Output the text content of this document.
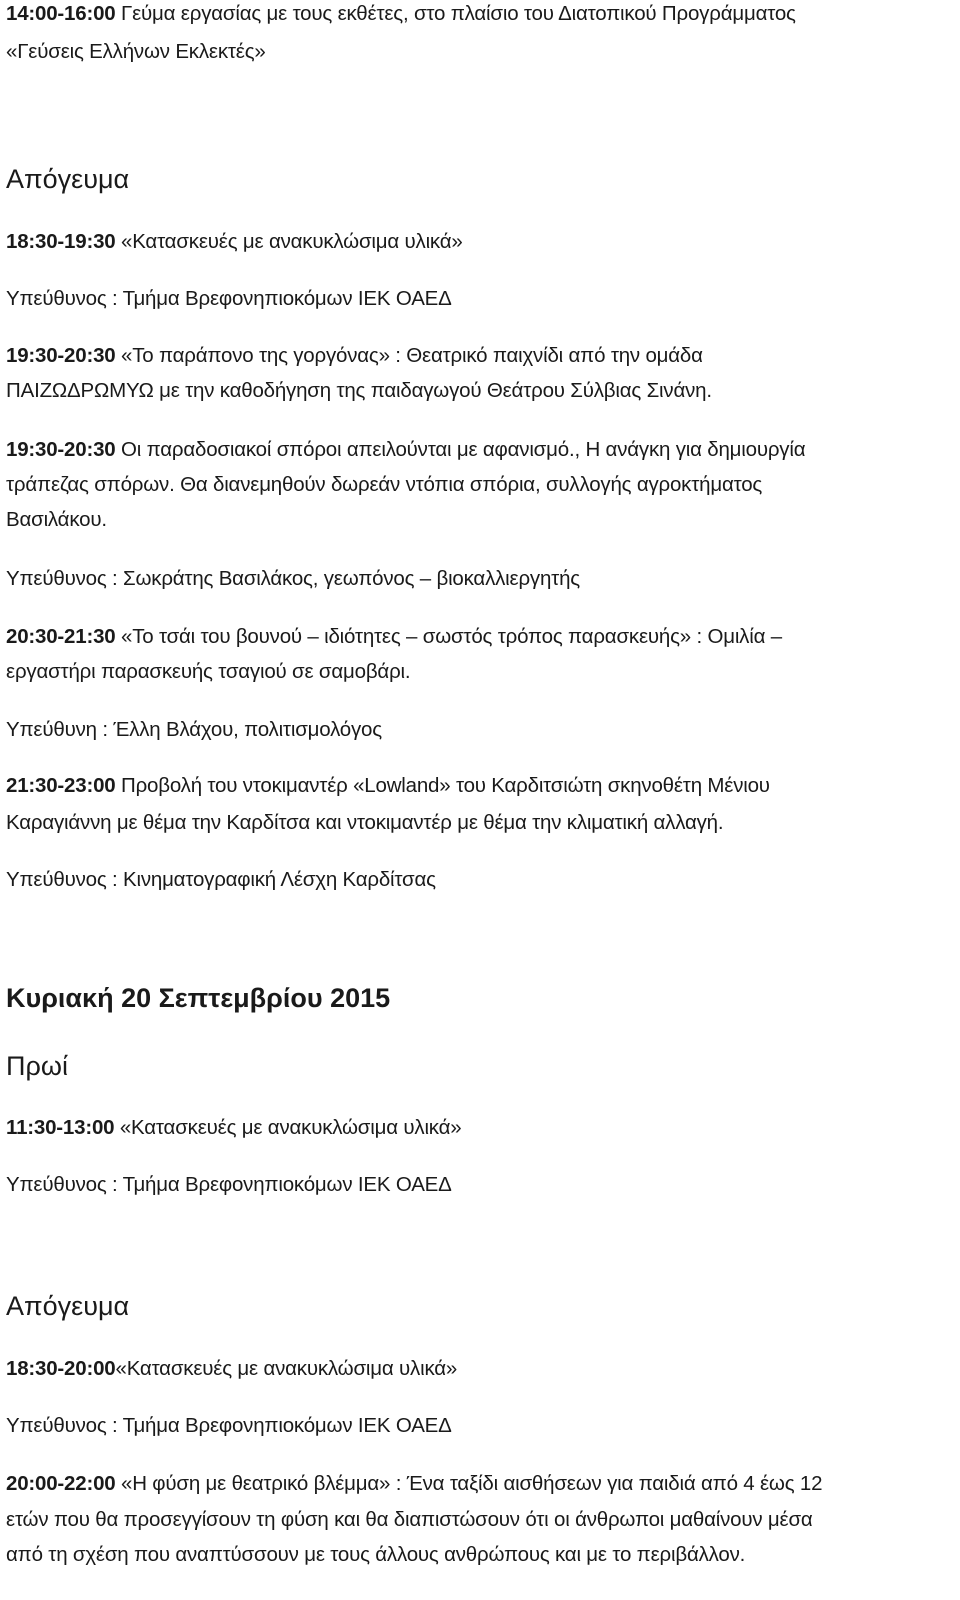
14:00-16:00 Γεύμα εργασίας με τους εκθέτες, στο πλαίσιο του Διατοπικού Προγράμματος
«Γεύσεις Ελλήνων Εκλεκτές»
Απόγευμα
18:30-19:30 «Κατασκευές με ανακυκλώσιμα υλικά»
Υπεύθυνος : Τμήμα Βρεφονηπιοκόμων ΙΕΚ ΟΑΕΔ
19:30-20:30 «Το παράπονο της γοργόνας» : Θεατρικό παιχνίδι από την ομάδα
ΠΑΙΖΩΔΡΩΜΥΩ με την καθοδήγηση της παιδαγωγού Θεάτρου Σύλβιας Σινάνη.
19:30-20:30 Οι παραδοσιακοί σπόροι απειλούνται με αφανισμό., Η ανάγκη για δημιουργία
τράπεζας σπόρων. Θα διανεμηθούν δωρεάν ντόπια σπόρια, συλλογής αγροκτήματος
Βασιλάκου.
Υπεύθυνος : Σωκράτης Βασιλάκος, γεωπόνος – βιοκαλλιεργητής
20:30-21:30 «Το τσάι του βουνού – ιδιότητες – σωστός τρόπος παρασκευής» : Ομιλία –
εργαστήρι παρασκευής τσαγιού σε σαμοβάρι.
Υπεύθυνη : Έλλη Βλάχου, πολιτισμολόγος
21:30-23:00 Προβολή του ντοκιμαντέρ «Lowland» του Καρδιτσιώτη σκηνοθέτη Μένιου
Καραγιάννη με θέμα την Καρδίτσα και ντοκιμαντέρ με θέμα την κλιματική αλλαγή.
Υπεύθυνος : Κινηματογραφική Λέσχη Καρδίτσας
Κυριακή 20 Σεπτεμβρίου 2015
Πρωί
11:30-13:00 «Κατασκευές με ανακυκλώσιμα υλικά»
Υπεύθυνος : Τμήμα Βρεφονηπιοκόμων ΙΕΚ ΟΑΕΔ
Απόγευμα
18:30-20:00«Κατασκευές με ανακυκλώσιμα υλικά»
Υπεύθυνος : Τμήμα Βρεφονηπιοκόμων ΙΕΚ ΟΑΕΔ
20:00-22:00 «Η φύση με θεατρικό βλέμμα» : Ένα ταξίδι αισθήσεων για παιδιά από 4 έως 12
ετών που θα προσεγγίσουν τη φύση και θα διαπιστώσουν ότι οι άνθρωποι μαθαίνουν μέσα
από τη σχέση που αναπτύσσουν με τους άλλους ανθρώπους και με το περιβάλλον.
